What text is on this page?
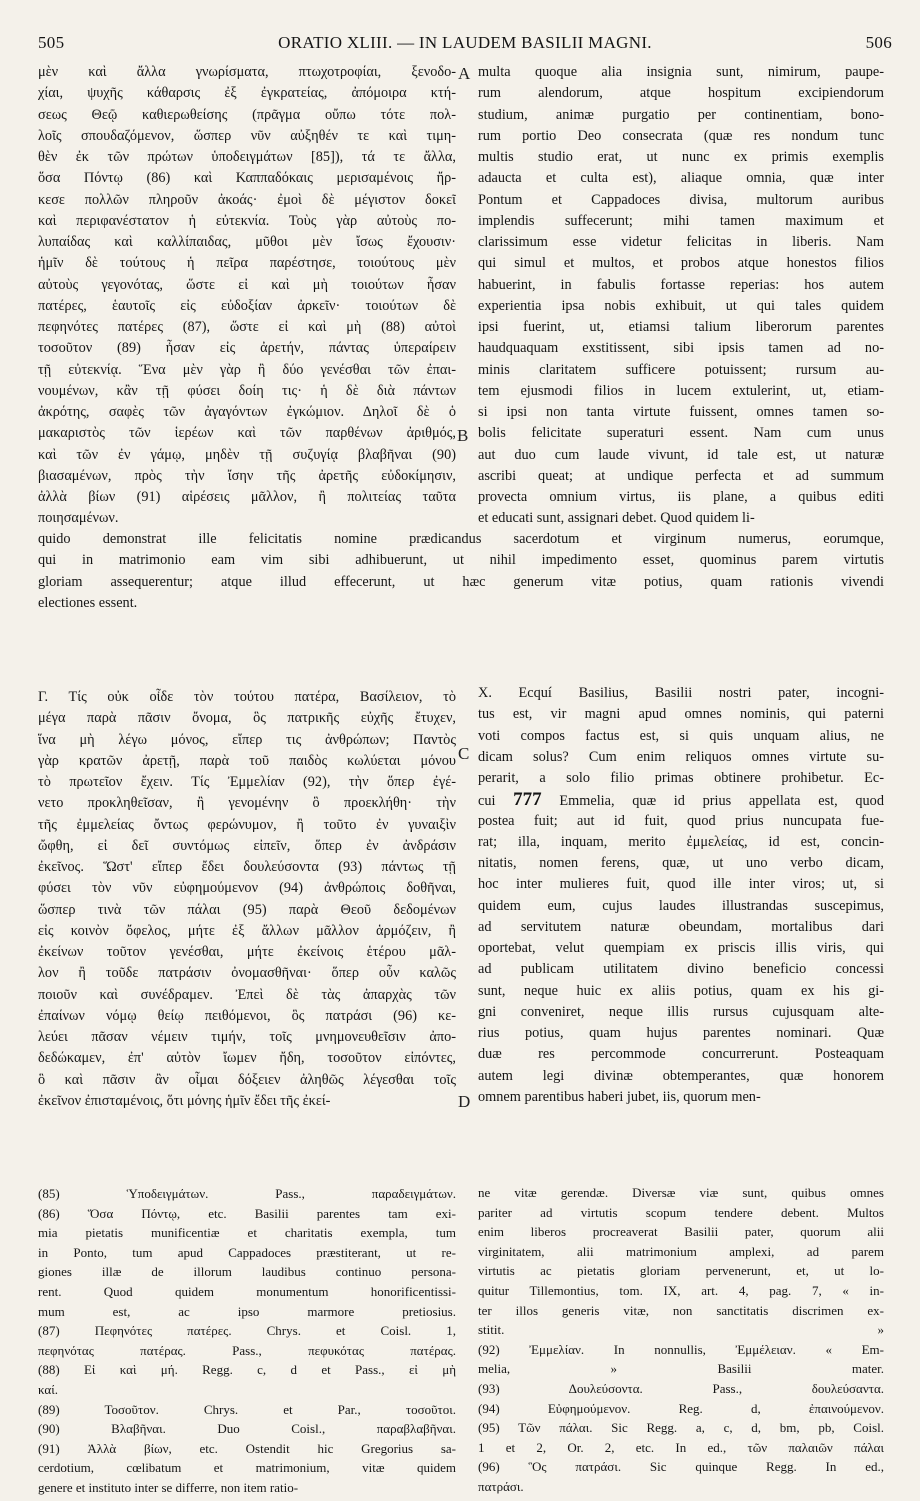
505	ORATIO XLIII. — IN LAUDEM BASILII MAGNI.	506
μὲν καὶ ἄλλα γνωρίσματα, πτωχοτροφίαι, ξενοδο-
χίαι, ψυχῆς κάθαρσις ἐξ ἐγκρατείας, ἀπόμοιρα κτή-
σεως Θεῷ καθιερωθείσης (πρᾶγμα οὔπω τότε πολ-
λοῖς σπουδαζόμενον, ὥσπερ νῦν αὐξηθέν τε καὶ τιμη-
θὲν ἐκ τῶν πρώτων ὑποδειγμάτων [85]), τά τε ἄλλα,
ὅσα Πόντῳ (86) καὶ Καππαδόκαις μερισαμένοις ἤρ-
κεσε πολλῶν πληροῦν ἀκοάς· ἐμοὶ δὲ μέγιστον δοκεῖ
καὶ περιφανέστατον ἡ εὐτεκνία. Τοὺς γὰρ αὐτοὺς πο-
λυπαίδας καὶ καλλίπαιδας, μῦθοι μὲν ἴσως ἔχουσιν·
ἡμῖν δὲ τούτους ἡ πεῖρα παρέστησε, τοιούτους μὲν
αὐτοὺς γεγονότας, ὥστε εἰ καὶ μὴ τοιούτων ἦσαν
πατέρες, ἑαυτοῖς εἰς εὐδοξίαν ἀρκεῖν· τοιούτων δὲ
πεφηνότες πατέρες (87), ὥστε εἰ καὶ μὴ (88) αὐτοὶ
τοσοῦτον (89) ἦσαν εἰς ἀρετήν, πάντας ὑπεραίρειν
τῇ εὐτεκνίᾳ. Ἕνα μὲν γὰρ ἢ δύο γενέσθαι τῶν ἐπαι-
νουμένων, κἂν τῇ φύσει δοίη τις· ἡ δὲ διὰ πάντων
ἀκρότης, σαφὲς τῶν ἀγαγόντων ἐγκώμιον. Δηλοῖ δὲ ὁ
μακαριστὸς τῶν ἱερέων καὶ τῶν παρθένων ἀριθμός,
καὶ τῶν ἐν γάμῳ, μηδὲν τῇ συζυγίᾳ βλαβῆναι (90)
βιασαμένων, πρὸς τὴν ἴσην τῆς ἀρετῆς εὐδοκίμησιν,
ἀλλὰ βίων (91) αἱρέσεις μᾶλλον, ἢ πολιτείας ταῦτα
ποιησαμένων.
multa quoque alia insignia sunt, nimirum, paupe-
rum alendorum, atque hospitum excipiendorum
studium, animæ purgatio per continentiam, bono-
rum portio Deo consecrata (quæ res nondum tunc
multis studio erat, ut nunc ex primis exemplis
adaucta et culta est), aliaque omnia, quæ inter
Pontum et Cappadoces divisa, multorum auribus
implendis suffecerunt; mihi tamen maximum et
clarissimum esse videtur felicitas in liberis. Nam
qui simul et multos, et probos atque honestos filios
habuerint, in fabulis fortasse reperias: hos autem
experientia ipsa nobis exhibuit, ut qui tales quidem
ipsi fuerint, ut, etiamsi talium liberorum parentes
haudquaquam exstitissent, sibi ipsis tamen ad no-
minis claritatem sufficere potuissent; rursum au-
tem ejusmodi filios in lucem extulerint, ut, etiam-
si ipsi non tanta virtute fuissent, omnes tamen so-
bolis felicitate superaturi essent. Nam cum unus
aut duo cum laude vivunt, id tale est, ut naturæ
ascribi queat; at undique perfecta et ad summum
provecta omnium virtus, iis plane, a quibus editi
et educati sunt, assignari debet. Quod quidem li-
quido demonstrat ille felicitatis nomine prædicandus sacerdotum et virginum numerus, eorumque,
qui in matrimonio eam vim sibi adhibuerunt, ut nihil impedimento esset, quominus parem virtutis
gloriam assequerentur; atque illud effecerunt, ut hæc generum vitæ potius, quam rationis vivendi
electiones essent.
Γ. Τίς οὐκ οἶδε τὸν τούτου πατέρα, Βασίλειον, τὸ
μέγα παρὰ πᾶσιν ὄνομα, ὃς πατρικῆς εὐχῆς ἔτυχεν,
ἵνα μὴ λέγω μόνος, εἴπερ τις ἀνθρώπων; Παντὸς
γὰρ κρατῶν ἀρετῇ, παρὰ τοῦ παιδὸς κωλύεται μόνου
τὸ πρωτεῖον ἔχειν. Τίς Ἐμμελίαν (92), τὴν ὅπερ ἐγέ-
νετο προκληθεῖσαν, ἢ γενομένην ὃ προεκλήθη· τὴν
τῆς ἐμμελείας ὄντως φερώνυμον, ἢ τοῦτο ἐν γυναιξὶν
ὤφθη, εἰ δεῖ συντόμως εἰπεῖν, ὅπερ ἐν ἀνδράσιν
ἐκεῖνος. Ὥστ' εἴπερ ἔδει δουλεύσοντα (93) πάντως τῇ
φύσει τὸν νῦν εὐφημούμενον (94) ἀνθρώποις δοθῆναι,
ὥσπερ τινὰ τῶν πάλαι (95) παρὰ Θεοῦ δεδομένων
εἰς κοινὸν ὄφελος, μήτε ἐξ ἄλλων μᾶλλον ἁρμόζειν, ἢ
ἐκείνων τοῦτον γενέσθαι, μήτε ἐκείνοις ἑτέρου μᾶλ-
λον ἢ τοῦδε πατράσιν ὀνομασθῆναι· ὅπερ οὖν καλῶς
ποιοῦν καὶ συνέδραμεν. Ἐπεὶ δὲ τὰς ἀπαρχὰς τῶν
ἐπαίνων νόμῳ θείῳ πειθόμενοι, ὃς πατράσι (96) κε-
λεύει πᾶσαν νέμειν τιμήν, τοῖς μνημονευθεῖσιν ἀπο-
δεδώκαμεν, ἐπ' αὐτὸν ἴωμεν ἤδη, τοσοῦτον εἰπόντες,
ὃ καὶ πᾶσιν ἂν οἶμαι δόξειεν ἀληθῶς λέγεσθαι τοῖς
ἐκεῖνον ἐπισταμένοις, ὅτι μόνης ἡμῖν ἔδει τῆς ἐκεί-
X. Ecquí Basilius, Basilii nostri pater, incogni-
tus est, vir magni apud omnes nominis, qui paterni
voti compos factus est, si quis unquam alius, ne
dicam solus? Cum enim reliquos omnes virtute su-
perarit, a solo filio primas obtinere prohibetur. Ec-
cui 777 Emmelia, quæ id prius appellata est, quod
postea fuit; aut id fuit, quod prius nuncupata fue-
rat; illa, inquam, merito ἐμμελείας, id est, concin-
nitatis, nomen ferens, quæ, ut uno verbo dicam,
hoc inter mulieres fuit, quod ille inter viros; ut, si
quidem eum, cujus laudes illustrandas suscepimus,
ad servitutem naturæ obeundam, mortalibus dari
oportebat, velut quempiam ex priscis illis viris, qui
ad publicam utilitatem divino beneficio concessi
sunt, neque huic ex aliis potius, quam ex his gi-
gni conveniret, neque illis rursus cujusquam alte-
rius potius, quam hujus parentes nominari. Quæ
duæ res percommode concurrerunt. Posteaquam
autem legi divinæ obtemperantes, quæ honorem
omnem parentibus haberi jubet, iis, quorum men-
A
B
C
D
(85) Ὑποδειγμάτων. Pass., παραδειγμάτων.
(86) Ὅσα Πόντῳ, etc. Basilii parentes tam exi-
mia pietatis munificentiæ et charitatis exempla, tum
in Ponto, tum apud Cappadoces præstiterant, ut re-
giones illæ de illorum laudibus continuo persona-
rent. Quod quidem monumentum honorificentissi-
mum est, ac ipso marmore pretiosius.
(87) Πεφηνότες πατέρες. Chrys. et Coisl. 1,
πεφηνότας πατέρας. Pass., πεφυκότας πατέρας.
(88) Εἰ καὶ μή. Regg. c, d et Pass., εἰ μὴ
καί.
(89) Τοσοῦτον. Chrys. et Par., τοσοῦτοι.
(90) Βλαβῆναι. Duo Coisl., παραβλαβῆναι.
(91) Ἀλλὰ βίων, etc. Ostendit hic Gregorius sa-
cerdotium, cœlibatum et matrimonium, vitæ quidem
genere et instituto inter se differre, non item ratio-
ne vitæ gerendæ. Diversæ viæ sunt, quibus omnes
pariter ad virtutis scopum tendere debent. Multos
enim liberos procreaverat Basilii pater, quorum alii
virginitatem, alii matrimonium amplexi, ad parem
virtutis ac pietatis gloriam pervenerunt, et, ut lo-
quitur Tillemontius, tom. IX, art. 4, pag. 7, « in-
ter illos generis vitæ, non sanctitatis discrimen ex-
stitit. »
(92) Ἐμμελίαν. In nonnullis, Ἐμμέλειαν. « Em-
melia, » Basilii mater.
(93) Δουλεύσοντα. Pass., δουλεύσαντα.
(94) Εὐφημούμενον. Reg. d, ἐπαινούμενον.
(95) Τῶν πάλαι. Sic Regg. a, c, d, bm, pb, Coisl.
1 et 2, Or. 2, etc. In ed., τῶν παλαιῶν πάλαι
(96) Ὃς πατράσι. Sic quinque Regg. In ed.,
πατράσι.
